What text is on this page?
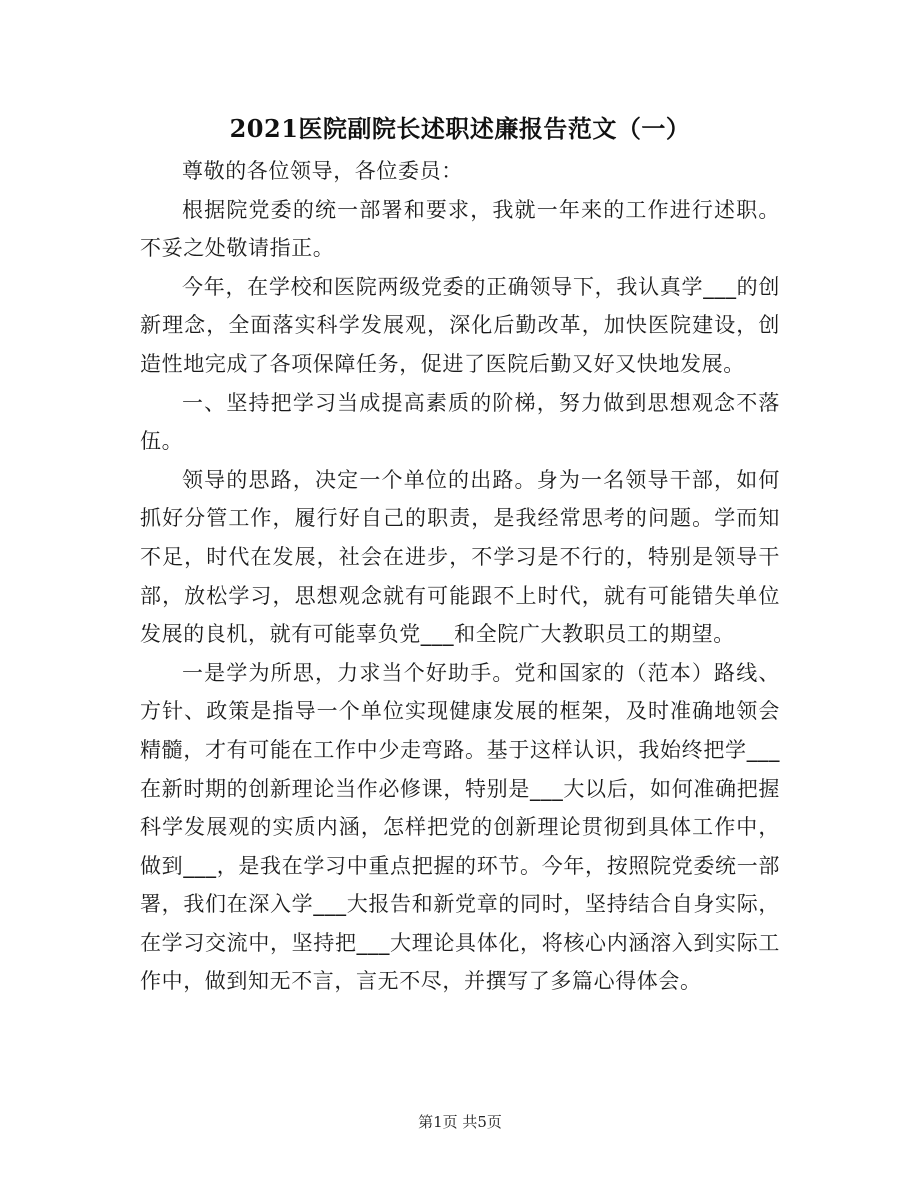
2021医院副院长述职述廉报告范文（一）

尊敬的各位领导，各位委员：

根据院党委的统一部署和要求，我就一年来的工作进行述职。不妥之处敬请指正。

今年，在学校和医院两级党委的正确领导下，我认真学___的创新理念，全面落实科学发展观，深化后勤改革，加快医院建设，创造性地完成了各项保障任务，促进了医院后勤又好又快地发展。

一、坚持把学习当成提高素质的阶梯，努力做到思想观念不落伍。

领导的思路，决定一个单位的出路。身为一名领导干部，如何抓好分管工作，履行好自己的职责，是我经常思考的问题。学而知不足，时代在发展，社会在进步，不学习是不行的，特别是领导干部，放松学习，思想观念就有可能跟不上时代，就有可能错失单位发展的良机，就有可能辜负党___和全院广大教职员工的期望。

一是学为所思，力求当个好助手。党和国家的（范本）路线、方针、政策是指导一个单位实现健康发展的框架，及时准确地领会精髓，才有可能在工作中少走弯路。基于这样认识，我始终把学___在新时期的创新理论当作必修课，特别是___大以后，如何准确把握科学发展观的实质内涵，怎样把党的创新理论贯彻到具体工作中，做到___，是我在学习中重点把握的环节。今年，按照院党委统一部署，我们在深入学___大报告和新党章的同时，坚持结合自身实际，在学习交流中，坚持把___大理论具体化，将核心内涵溶入到实际工作中，做到知无不言，言无不尽，并撰写了多篇心得体会。

第1页 共5页
